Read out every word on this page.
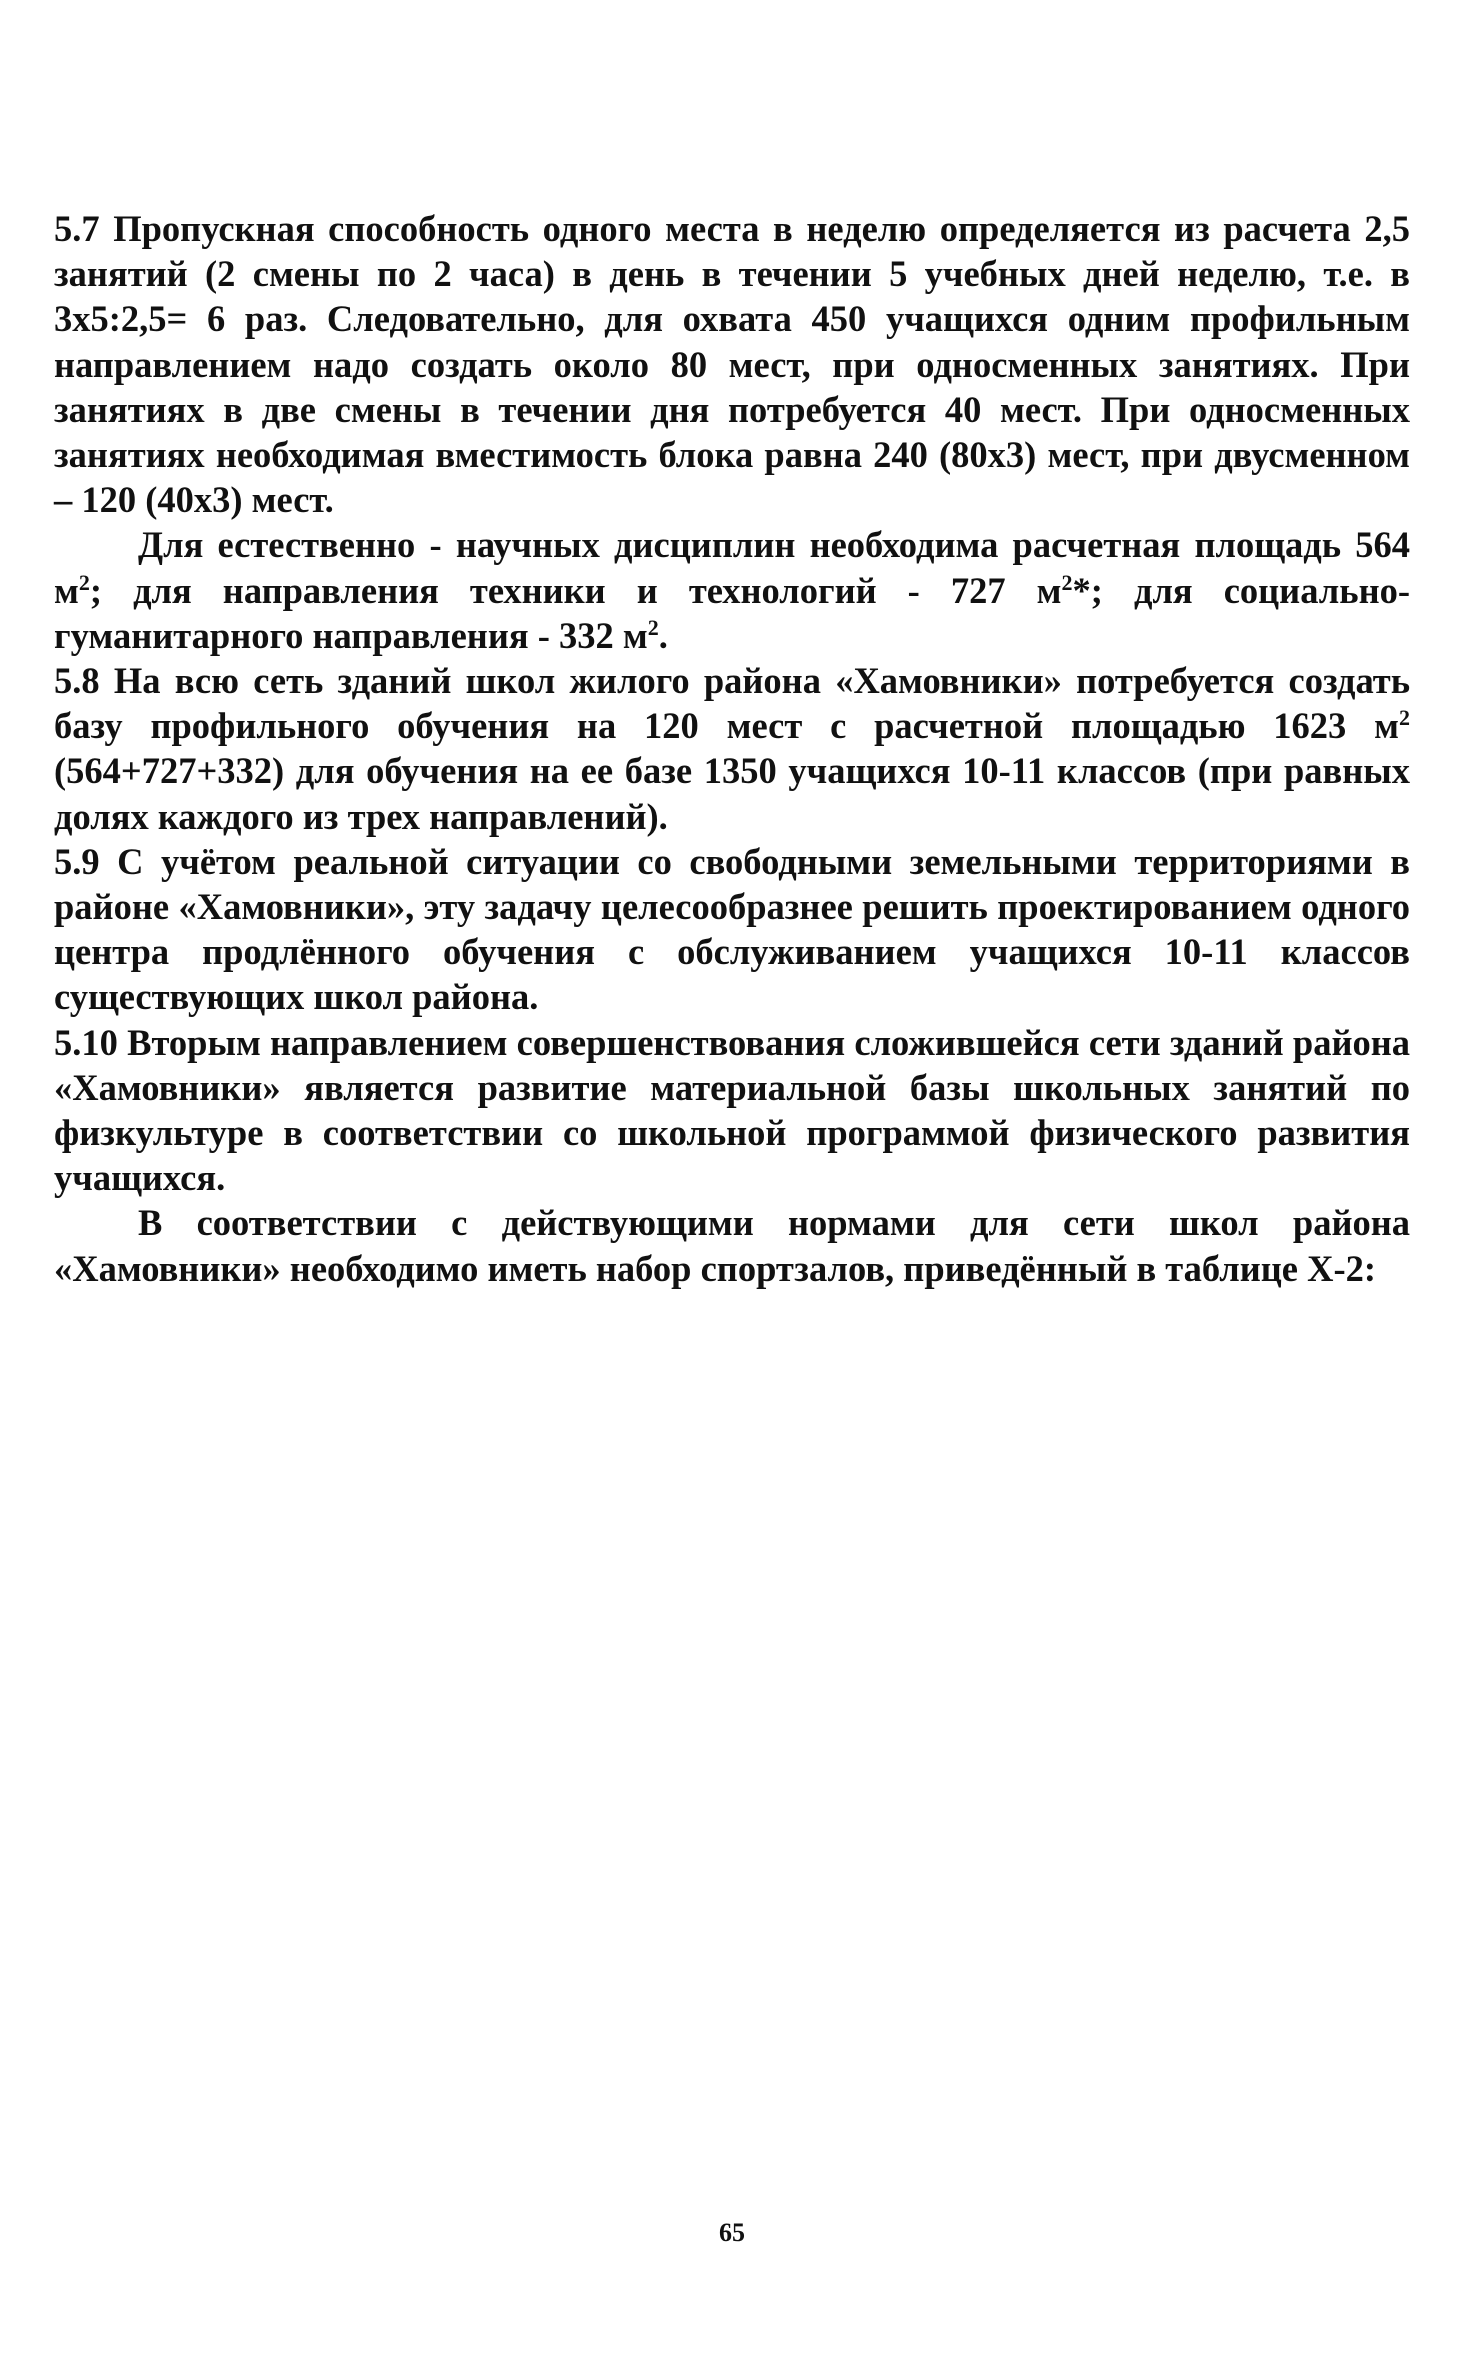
5.7 Пропускная способность одного места в неделю определяется из расчета 2,5 занятий (2 смены по 2 часа) в день в течении 5 учебных дней неделю, т.е. в 3х5:2,5= 6 раз. Следовательно, для охвата 450 учащихся одним профильным направлением надо создать около 80 мест, при односменных занятиях. При занятиях в две смены в течении дня потребуется 40 мест. При односменных занятиях необходимая вместимость блока равна 240 (80х3) мест, при двусменном – 120 (40х3) мест.

Для естественно - научных дисциплин необходима расчетная площадь 564 $м^2$; для направления техники и технологий - 727 $м^2*$; для социально-гуманитарного направления - 332 $м^2$.

5.8 На всю сеть зданий школ жилого района «Хамовники» потребуется создать базу профильного обучения на 120 мест с расчетной площадью 1623 $м^2$ (564+727+332) для обучения на ее базе 1350 учащихся 10-11 классов (при равных долях каждого из трех направлений).

5.9 С учётом реальной ситуации со свободными земельными территориями в районе «Хамовники», эту задачу целесообразнее решить проектированием одного центра продлённого обучения с обслуживанием учащихся 10-11 классов существующих школ района.

5.10 Вторым направлением совершенствования сложившейся сети зданий района «Хамовники» является развитие материальной базы школьных занятий по физкультуре в соответствии со школьной программой физического развития учащихся.

В соответствии с действующими нормами для сети школ района «Хамовники» необходимо иметь набор спортзалов, приведённый в таблице Х-2:

65
